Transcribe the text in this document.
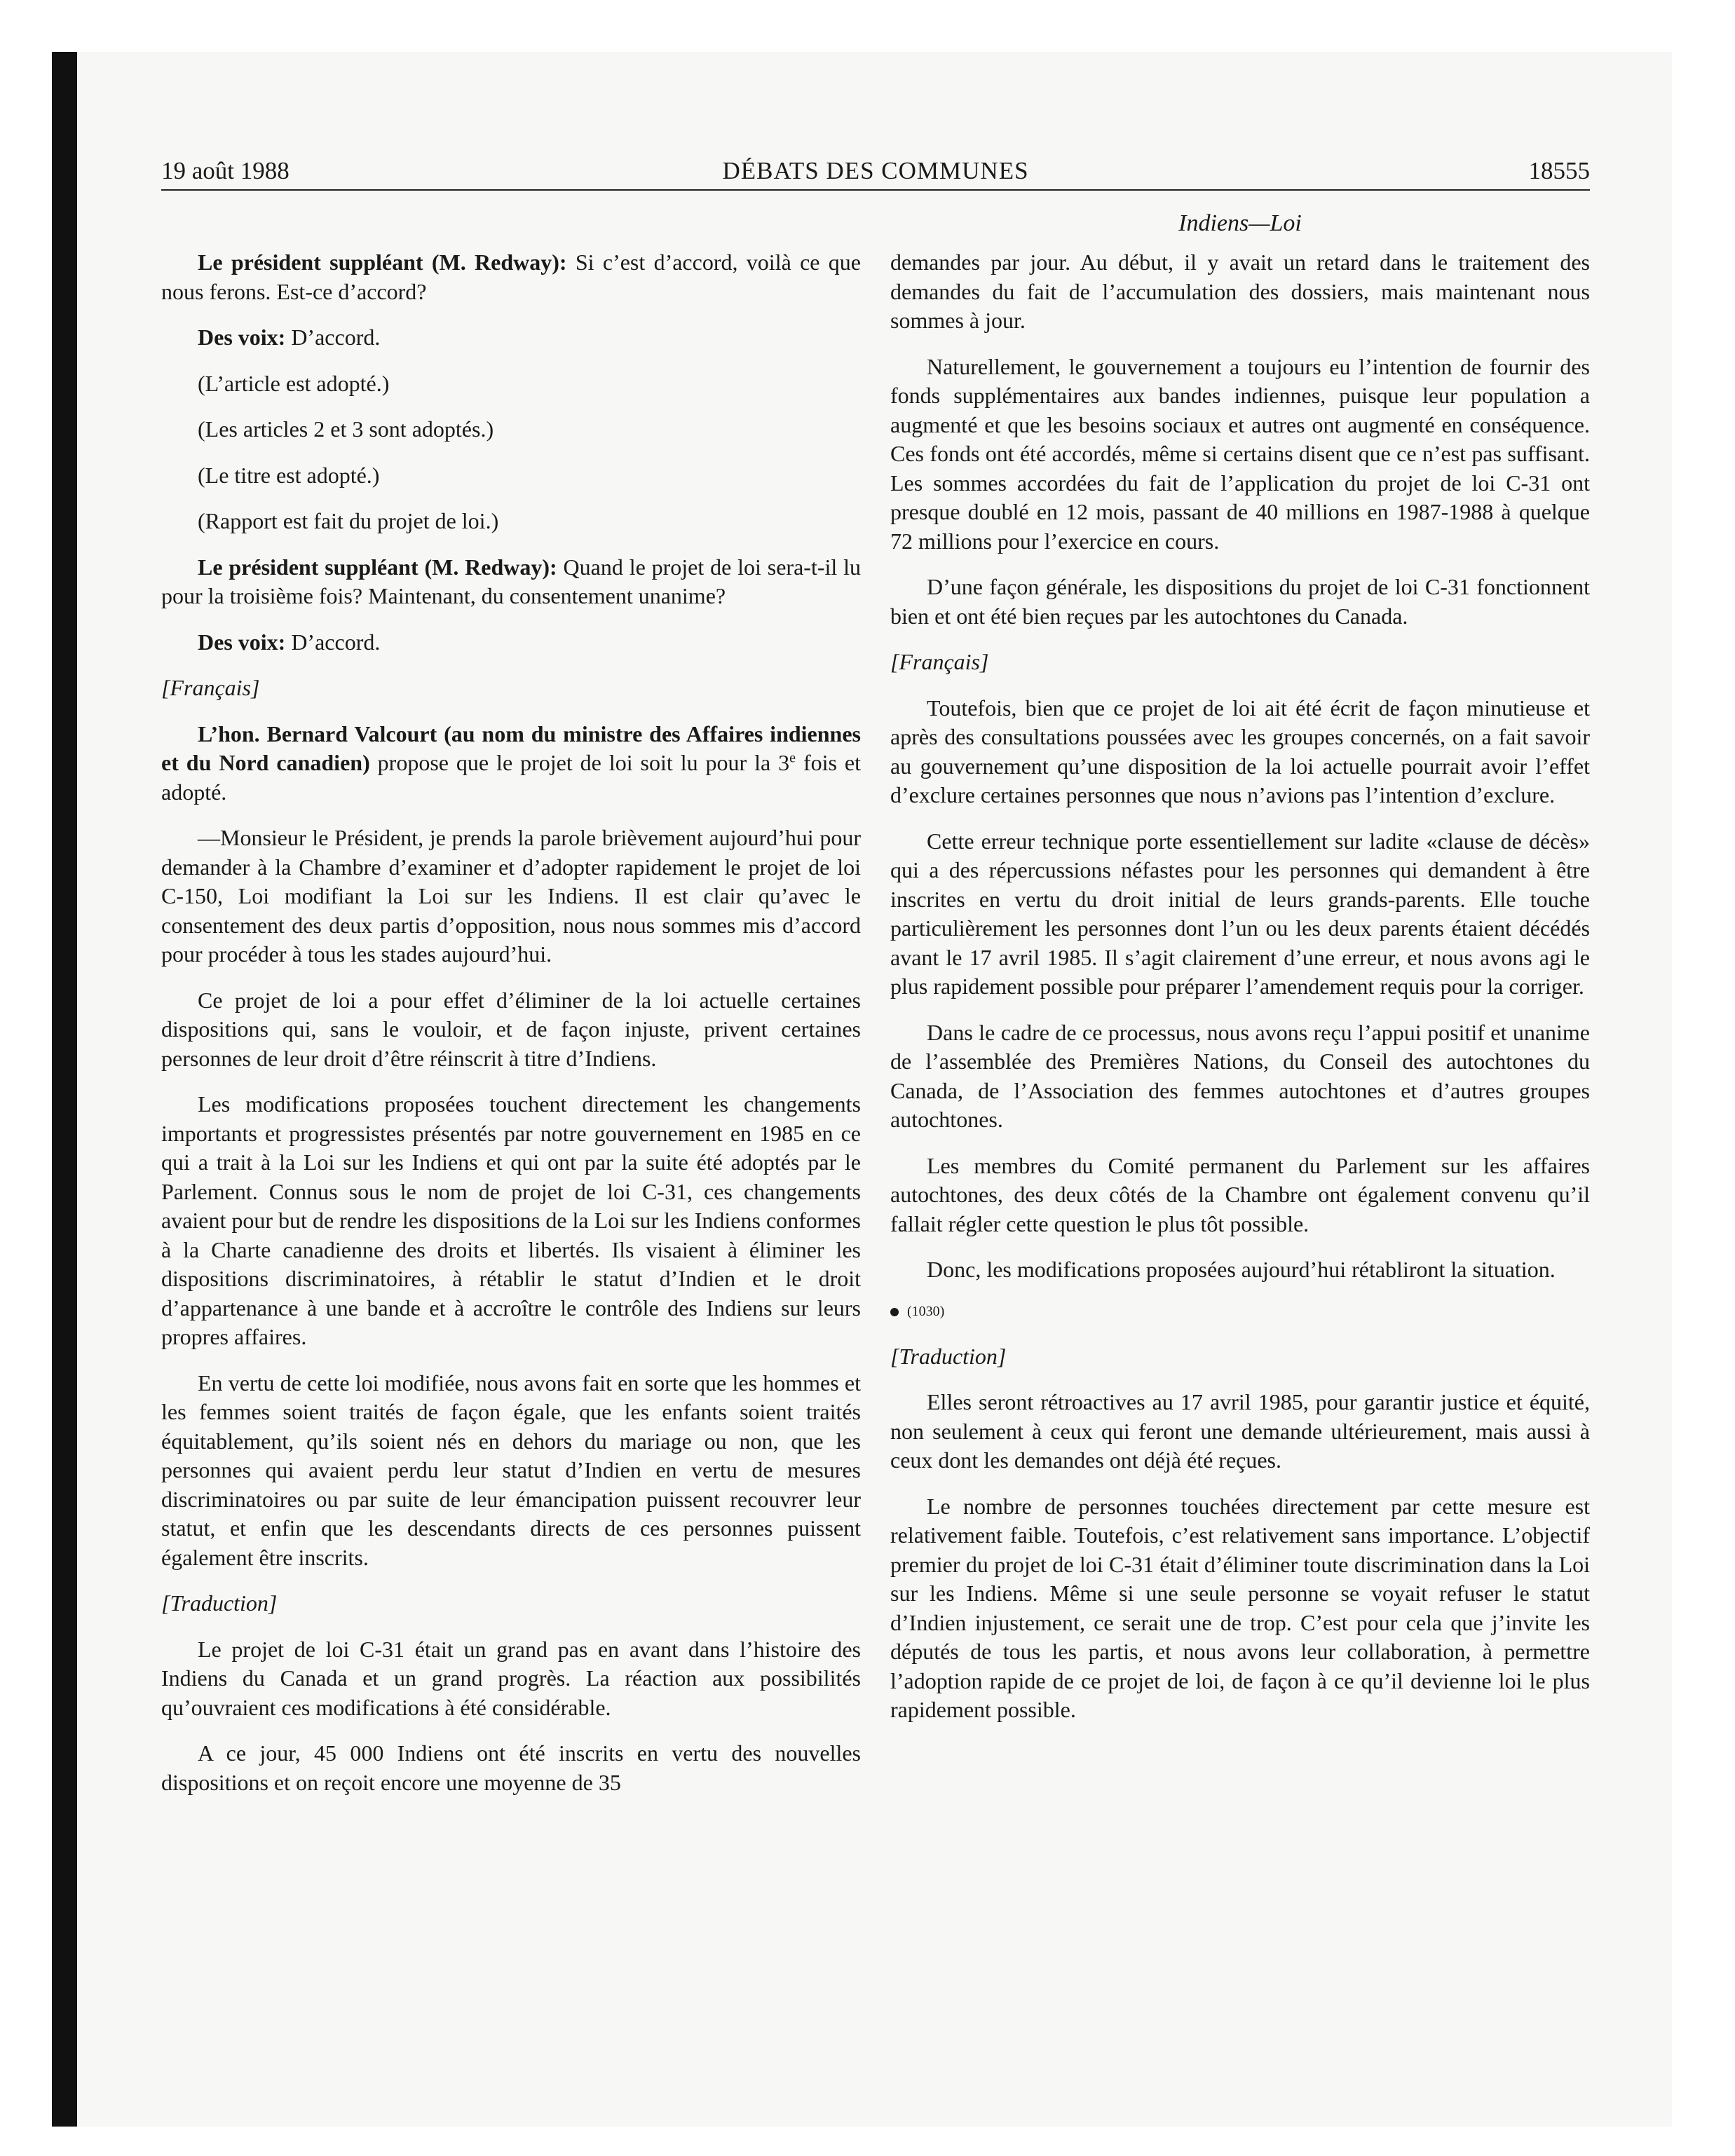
19 août 1988	DÉBATS DES COMMUNES	18555
Indiens—Loi

Le président suppléant (M. Redway): Si c’est d’accord, voilà ce que nous ferons. Est-ce d’accord?

Des voix: D’accord.

(L’article est adopté.)

(Les articles 2 et 3 sont adoptés.)

(Le titre est adopté.)

(Rapport est fait du projet de loi.)

Le président suppléant (M. Redway): Quand le projet de loi sera-t-il lu pour la troisième fois? Maintenant, du consentement unanime?

Des voix: D’accord.

[Français]

L’hon. Bernard Valcourt (au nom du ministre des Affaires indiennes et du Nord canadien) propose que le projet de loi soit lu pour la 3e fois et adopté.

—Monsieur le Président, je prends la parole brièvement aujourd’hui pour demander à la Chambre d’examiner et d’adopter rapidement le projet de loi C-150, Loi modifiant la Loi sur les Indiens. Il est clair qu’avec le consentement des deux partis d’opposition, nous nous sommes mis d’accord pour procéder à tous les stades aujourd’hui.

Ce projet de loi a pour effet d’éliminer de la loi actuelle certaines dispositions qui, sans le vouloir, et de façon injuste, privent certaines personnes de leur droit d’être réinscrit à titre d’Indiens.

Les modifications proposées touchent directement les changements importants et progressistes présentés par notre gouvernement en 1985 en ce qui a trait à la Loi sur les Indiens et qui ont par la suite été adoptés par le Parlement. Connus sous le nom de projet de loi C-31, ces changements avaient pour but de rendre les dispositions de la Loi sur les Indiens conformes à la Charte canadienne des droits et libertés. Ils visaient à éliminer les dispositions discriminatoires, à rétablir le statut d’Indien et le droit d’appartenance à une bande et à accroître le contrôle des Indiens sur leurs propres affaires.

En vertu de cette loi modifiée, nous avons fait en sorte que les hommes et les femmes soient traités de façon égale, que les enfants soient traités équitablement, qu’ils soient nés en dehors du mariage ou non, que les personnes qui avaient perdu leur statut d’Indien en vertu de mesures discriminatoires ou par suite de leur émancipation puissent recouvrer leur statut, et enfin que les descendants directs de ces personnes puissent également être inscrits.

[Traduction]

Le projet de loi C-31 était un grand pas en avant dans l’histoire des Indiens du Canada et un grand progrès. La réaction aux possibilités qu’ouvraient ces modifications à été considérable.

A ce jour, 45 000 Indiens ont été inscrits en vertu des nouvelles dispositions et on reçoit encore une moyenne de 35

demandes par jour. Au début, il y avait un retard dans le traitement des demandes du fait de l’accumulation des dossiers, mais maintenant nous sommes à jour.

Naturellement, le gouvernement a toujours eu l’intention de fournir des fonds supplémentaires aux bandes indiennes, puisque leur population a augmenté et que les besoins sociaux et autres ont augmenté en conséquence. Ces fonds ont été accordés, même si certains disent que ce n’est pas suffisant. Les sommes accordées du fait de l’application du projet de loi C-31 ont presque doublé en 12 mois, passant de 40 millions en 1987-1988 à quelque 72 millions pour l’exercice en cours.

D’une façon générale, les dispositions du projet de loi C-31 fonctionnent bien et ont été bien reçues par les autochtones du Canada.

[Français]

Toutefois, bien que ce projet de loi ait été écrit de façon minutieuse et après des consultations poussées avec les groupes concernés, on a fait savoir au gouvernement qu’une disposition de la loi actuelle pourrait avoir l’effet d’exclure certaines personnes que nous n’avions pas l’intention d’exclure.

Cette erreur technique porte essentiellement sur ladite «clause de décès» qui a des répercussions néfastes pour les personnes qui demandent à être inscrites en vertu du droit initial de leurs grands-parents. Elle touche particulièrement les personnes dont l’un ou les deux parents étaient décédés avant le 17 avril 1985. Il s’agit clairement d’une erreur, et nous avons agi le plus rapidement possible pour préparer l’amendement requis pour la corriger.

Dans le cadre de ce processus, nous avons reçu l’appui positif et unanime de l’assemblée des Premières Nations, du Conseil des autochtones du Canada, de l’Association des femmes autochtones et d’autres groupes autochtones.

Les membres du Comité permanent du Parlement sur les affaires autochtones, des deux côtés de la Chambre ont également convenu qu’il fallait régler cette question le plus tôt possible.

Donc, les modifications proposées aujourd’hui rétabliront la situation.

(1030)

[Traduction]

Elles seront rétroactives au 17 avril 1985, pour garantir justice et équité, non seulement à ceux qui feront une demande ultérieurement, mais aussi à ceux dont les demandes ont déjà été reçues.

Le nombre de personnes touchées directement par cette mesure est relativement faible. Toutefois, c’est relativement sans importance. L’objectif premier du projet de loi C-31 était d’éliminer toute discrimination dans la Loi sur les Indiens. Même si une seule personne se voyait refuser le statut d’Indien injustement, ce serait une de trop. C’est pour cela que j’invite les députés de tous les partis, et nous avons leur collaboration, à permettre l’adoption rapide de ce projet de loi, de façon à ce qu’il devienne loi le plus rapidement possible.
